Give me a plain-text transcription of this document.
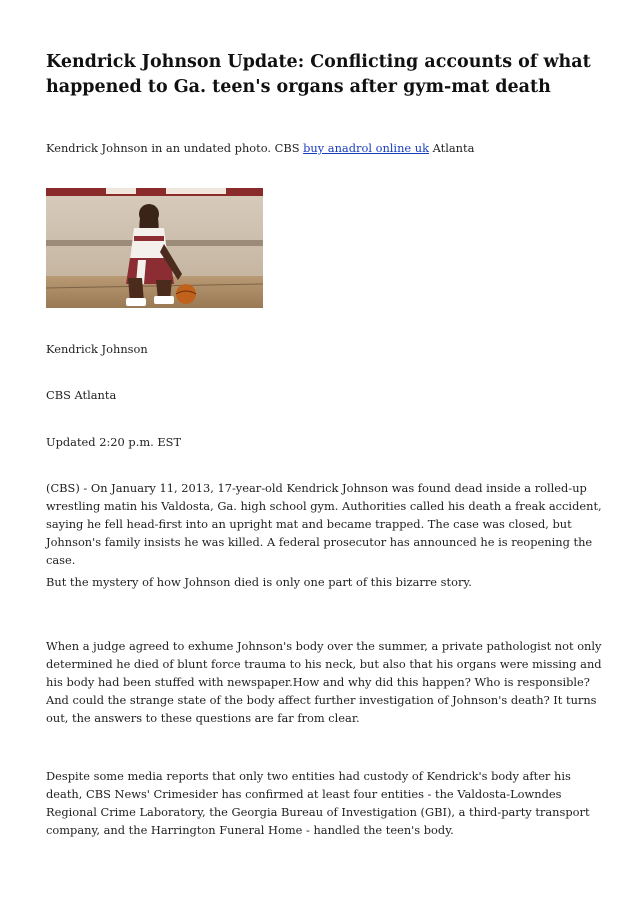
Kendrick Johnson Update: Conflicting accounts of what happened to Ga. teen's organs after gym-mat death

Kendrick Johnson in an undated photo. CBS buy anadrol online uk Atlanta

Kendrick Johnson

CBS Atlanta

Updated 2:20 p.m. EST

(CBS) - On January 11, 2013, 17-year-old Kendrick Johnson was found dead inside a rolled-up wrestling matin his Valdosta, Ga. high school gym. Authorities called his death a freak accident, saying he fell head-first into an upright mat and became trapped. The case was closed, but Johnson's family insists he was killed. A federal prosecutor has announced he is reopening the case.

But the mystery of how Johnson died is only one part of this bizarre story.

When a judge agreed to exhume Johnson's body over the summer, a private pathologist not only determined he died of blunt force trauma to his neck, but also that his organs were missing and his body had been stuffed with newspaper.How and why did this happen? Who is responsible? And could the strange state of the body affect further investigation of Johnson's death? It turns out, the answers to these questions are far from clear.

Despite some media reports that only two entities had custody of Kendrick's body after his death, CBS News' Crimesider has confirmed at least four entities - the Valdosta-Lowndes Regional Crime Laboratory, the Georgia Bureau of Investigation (GBI), a third-party transport company, and the Harrington Funeral Home - handled the teen's body.
